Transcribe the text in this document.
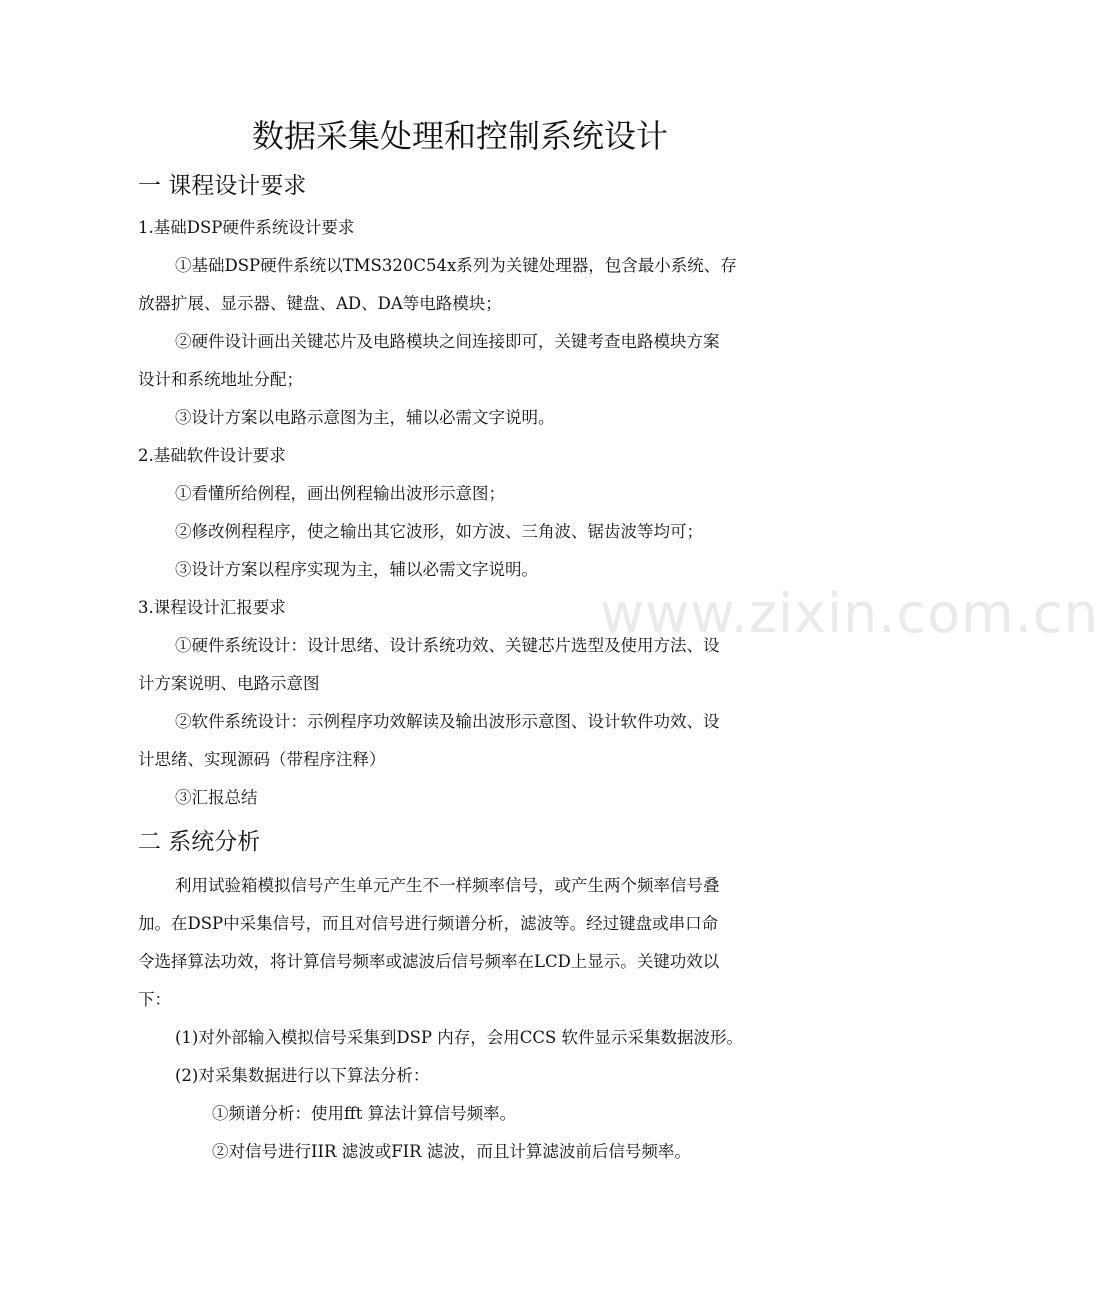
www.zixin.com.cn
数据采集处理和控制系统设计
一 课程设计要求
1.基础DSP硬件系统设计要求
①基础DSP硬件系统以TMS320C54x系列为关键处理器，包含最小系统、存
放器扩展、显示器、键盘、AD、DA等电路模块；
②硬件设计画出关键芯片及电路模块之间连接即可，关键考查电路模块方案
设计和系统地址分配；
③设计方案以电路示意图为主，辅以必需文字说明。
2.基础软件设计要求
①看懂所给例程，画出例程输出波形示意图；
②修改例程程序，使之输出其它波形，如方波、三角波、锯齿波等均可；
③设计方案以程序实现为主，辅以必需文字说明。
3.课程设计汇报要求
①硬件系统设计：设计思绪、设计系统功效、关键芯片选型及使用方法、设
计方案说明、电路示意图
②软件系统设计：示例程序功效解读及输出波形示意图、设计软件功效、设
计思绪、实现源码（带程序注释）
③汇报总结
二 系统分析
利用试验箱模拟信号产生单元产生不一样频率信号，或产生两个频率信号叠
加。在DSP中采集信号，而且对信号进行频谱分析，滤波等。经过键盘或串口命
令选择算法功效，将计算信号频率或滤波后信号频率在LCD上显示。关键功效以
下：
(1)对外部输入模拟信号采集到DSP 内存，会用CCS 软件显示采集数据波形。
(2)对采集数据进行以下算法分析：
①频谱分析：使用fft 算法计算信号频率。
②对信号进行IIR 滤波或FIR 滤波，而且计算滤波前后信号频率。
